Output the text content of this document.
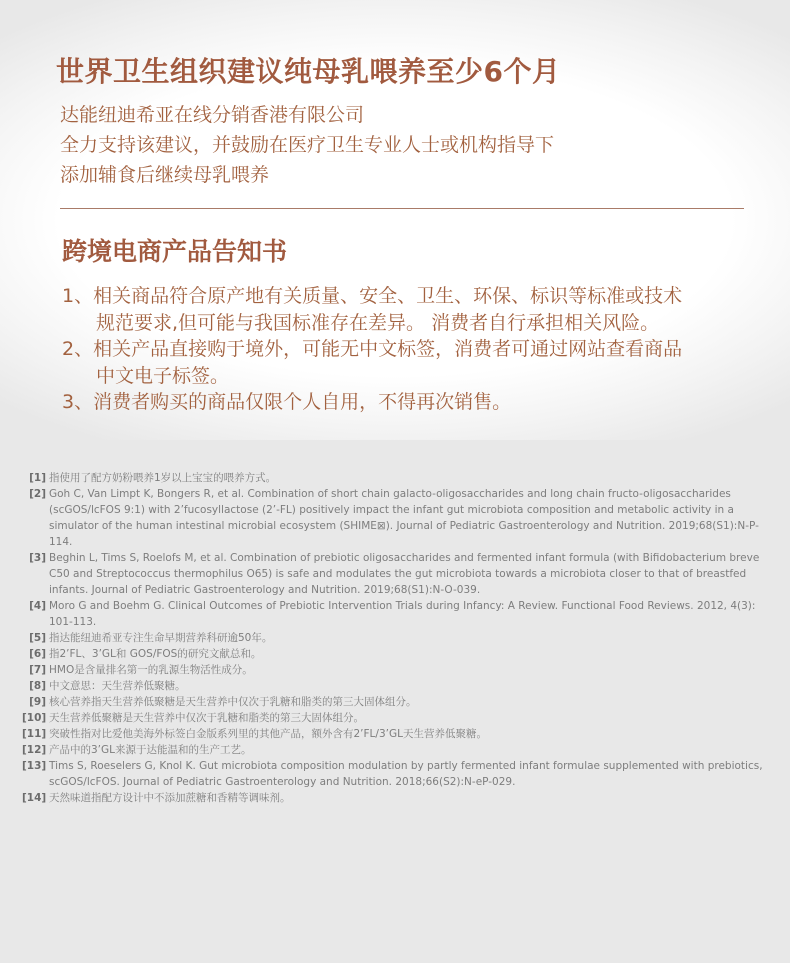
世界卫生组织建议纯母乳喂养至少6个月
达能纽迪希亚在线分销香港有限公司
全力支持该建议，并鼓励在医疗卫生专业人士或机构指导下
添加辅食后继续母乳喂养
跨境电商产品告知书
1、相关商品符合原产地有关质量、安全、卫生、环保、标识等标准或技术
规范要求,但可能与我国标准存在差异。 消费者自行承担相关风险。
2、相关产品直接购于境外，可能无中文标签，消费者可通过网站查看商品
中文电子标签。
3、消费者购买的商品仅限个人自用，不得再次销售。
[1] 指使用了配方奶粉喂养1岁以上宝宝的喂养方式。
[2] Goh C, Van Limpt K, Bongers R, et al. Combination of short chain galacto-oligosaccharides and long chain fructo-oligosaccharides (scGOS/lcFOS 9:1) with 2’fucosyllactose (2’-FL) positively impact the infant gut microbiota composition and metabolic activity in a simulator of the human intestinal microbial ecosystem (SHIME⊠). Journal of Pediatric Gastroenterology and Nutrition. 2019;68(S1):N-P-114.
[3] Beghin L, Tims S, Roelofs M, et al. Combination of prebiotic oligosaccharides and fermented infant formula (with Bifidobacterium breve C50 and Streptococcus thermophilus O65) is safe and modulates the gut microbiota towards a microbiota closer to that of breastfed infants. Journal of Pediatric Gastroenterology and Nutrition. 2019;68(S1):N-O-039.
[4] Moro G and Boehm G. Clinical Outcomes of Prebiotic Intervention Trials during Infancy: A Review. Functional Food Reviews. 2012, 4(3): 101-113.
[5] 指达能纽迪希亚专注生命早期营养科研逾50年。
[6] 指2’FL、3’GL和 GOS/FOS的研究文献总和。
[7] HMO是含量排名第一的乳源生物活性成分。
[8] 中文意思：天生营养低聚糖。
[9] 核心营养指天生营养低聚糖是天生营养中仅次于乳糖和脂类的第三大固体组分。
[10] 天生营养低聚糖是天生营养中仅次于乳糖和脂类的第三大固体组分。
[11] 突破性指对比爱他美海外标签白金版系列里的其他产品，额外含有2’FL/3’GL天生营养低聚糖。
[12] 产品中的3’GL来源于达能温和的生产工艺。
[13] Tims S, Roeselers G, Knol K. Gut microbiota composition modulation by partly fermented infant formulae supplemented with prebiotics, scGOS/lcFOS. Journal of Pediatric Gastroenterology and Nutrition. 2018;66(S2):N-eP-029.
[14] 天然味道指配方设计中不添加蔗糖和香精等调味剂。
